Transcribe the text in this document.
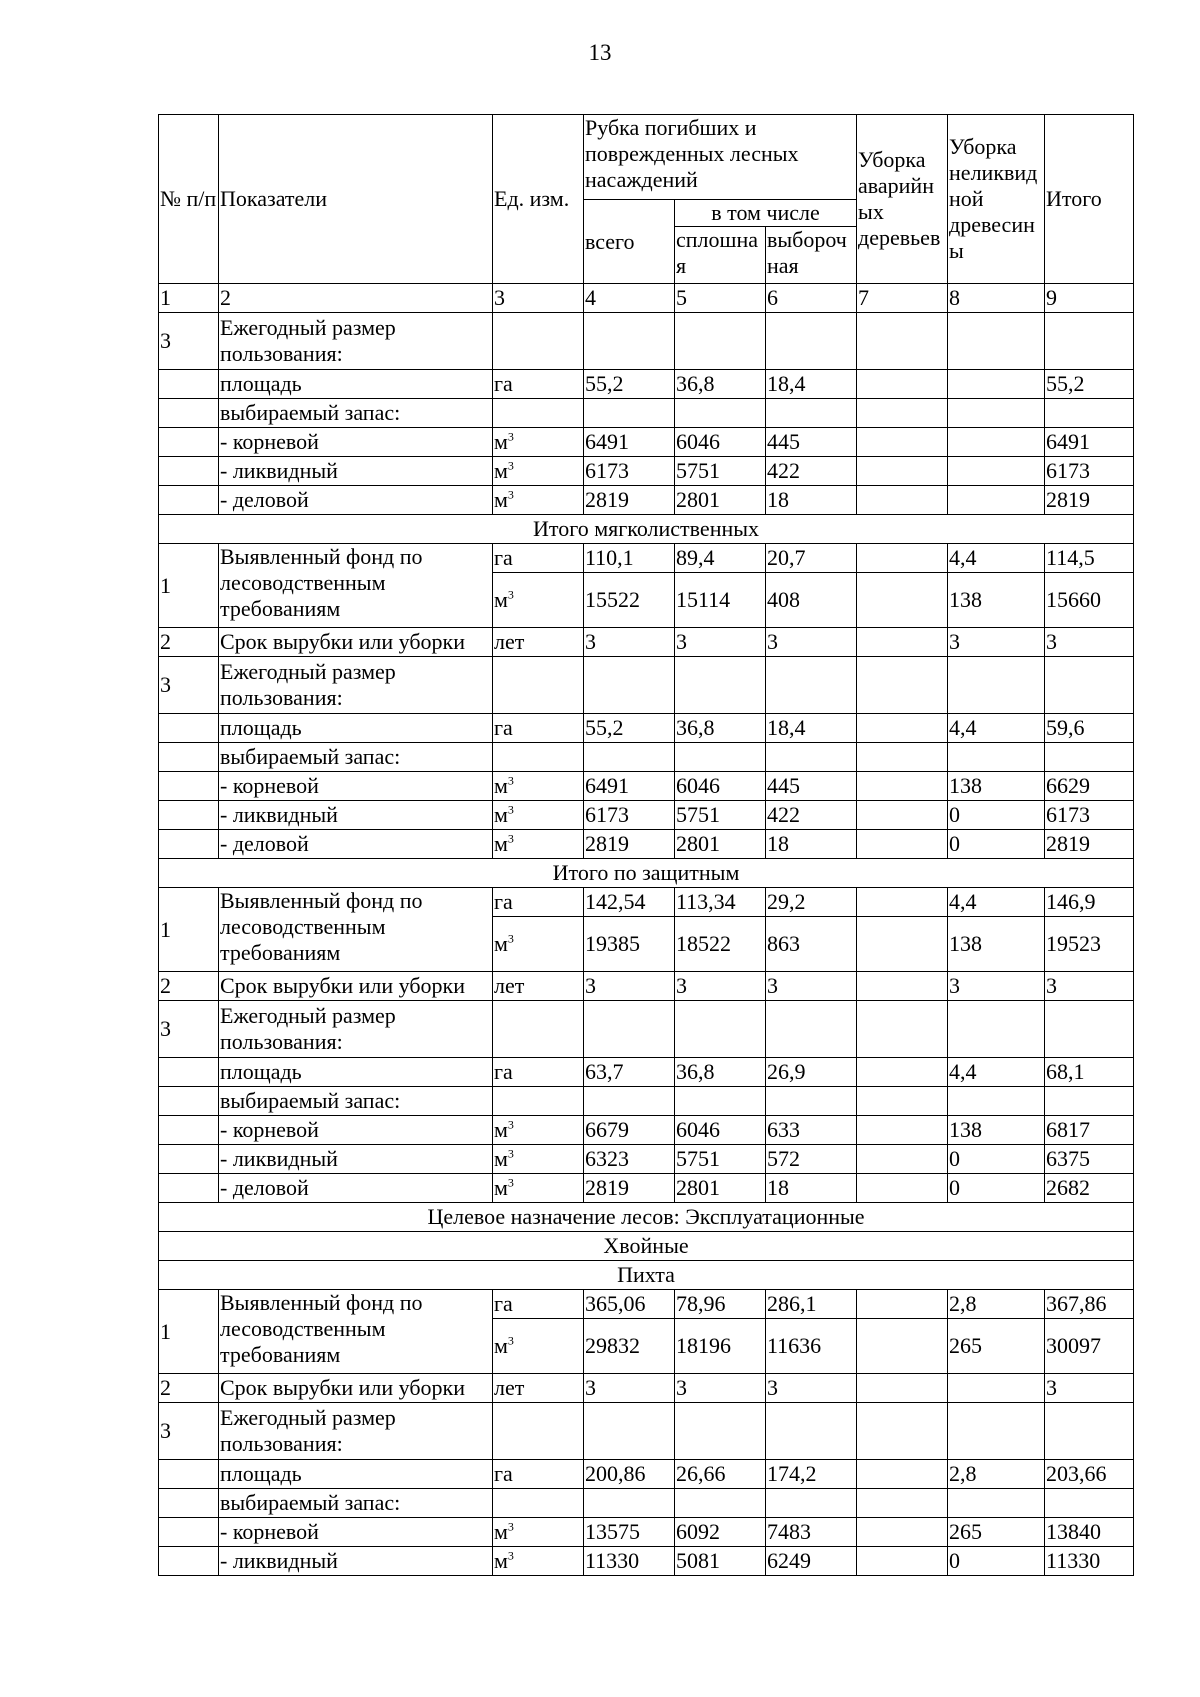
13
№ п/п	Показатели	Ед. изм.	Рубка погибших и поврежденных лесных насаждений			Уборка аварийных деревьев	Уборка неликвидной древесины	Итого
			всего	в том числе				
				сплошная	выборочная			
1	2	3	4	5	6	7	8	9
3	Ежегодный размер пользования:							
	площадь	га	55,2	36,8	18,4			55,2
	выбираемый запас:							
	- корневой	$м^3$	6491	6046	445			6491
	- ликвидный	$м^3$	6173	5751	422			6173
	- деловой	$м^3$	2819	2801	18			2819
Итого мягколиственных								
1	Выявленный фонд по лесоводственным требованиям	га	110,1	89,4	20,7		4,4	114,5
		$м^3$	15522	15114	408		138	15660
2	Срок вырубки или уборки	лет	3	3	3		3	3
3	Ежегодный размер пользования:							
	площадь	га	55,2	36,8	18,4		4,4	59,6
	выбираемый запас:							
	- корневой	$м^3$	6491	6046	445		138	6629
	- ликвидный	$м^3$	6173	5751	422		0	6173
	- деловой	$м^3$	2819	2801	18		0	2819
Итого по защитным								
1	Выявленный фонд по лесоводственным требованиям	га	142,54	113,34	29,2		4,4	146,9
		$м^3$	19385	18522	863		138	19523
2	Срок вырубки или уборки	лет	3	3	3		3	3
3	Ежегодный размер пользования:							
	площадь	га	63,7	36,8	26,9		4,4	68,1
	выбираемый запас:							
	- корневой	$м^3$	6679	6046	633		138	6817
	- ликвидный	$м^3$	6323	5751	572		0	6375
	- деловой	$м^3$	2819	2801	18		0	2682
Целевое назначение лесов: Эксплуатационные								
Хвойные								
Пихта								
1	Выявленный фонд по лесоводственным требованиям	га	365,06	78,96	286,1		2,8	367,86
		$м^3$	29832	18196	11636		265	30097
2	Срок вырубки или уборки	лет	3	3	3			3
3	Ежегодный размер пользования:							
	площадь	га	200,86	26,66	174,2		2,8	203,66
	выбираемый запас:							
	- корневой	$м^3$	13575	6092	7483		265	13840
	- ликвидный	$м^3$	11330	5081	6249		0	11330
